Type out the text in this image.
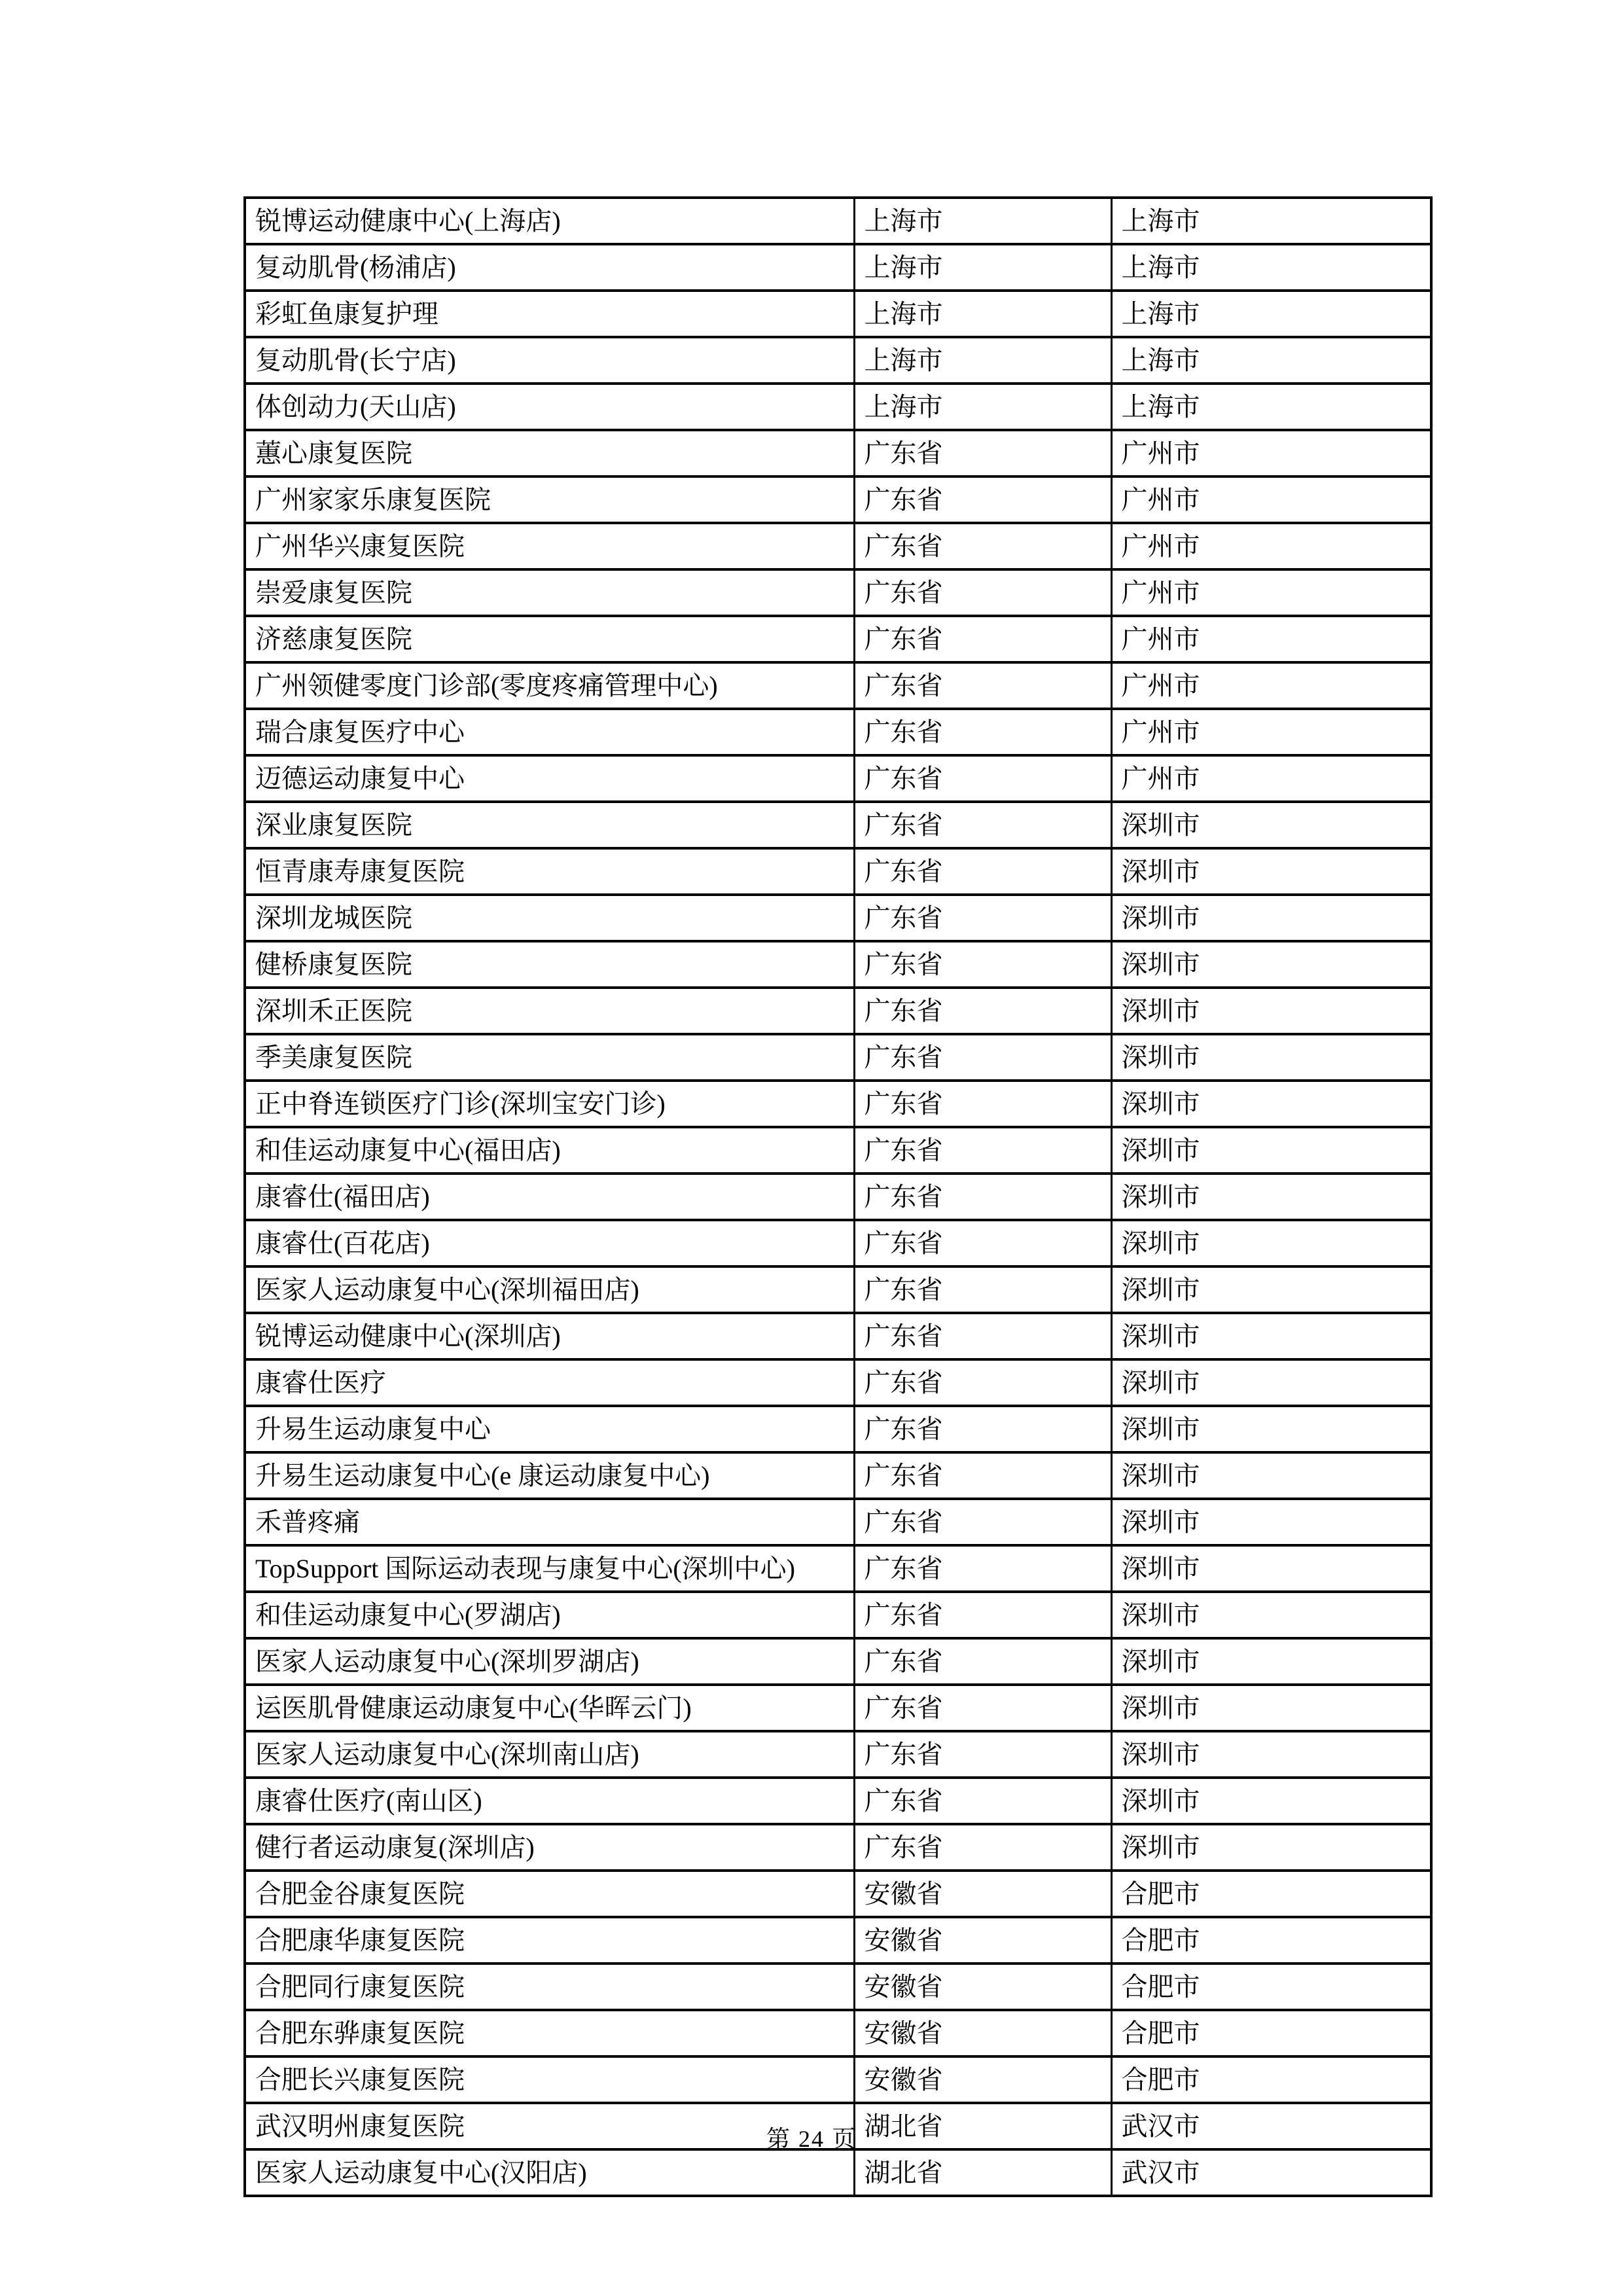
锐博运动健康中心(上海店)	上海市	上海市
复动肌骨(杨浦店)	上海市	上海市
彩虹鱼康复护理	上海市	上海市
复动肌骨(长宁店)	上海市	上海市
体创动力(天山店)	上海市	上海市
蕙心康复医院	广东省	广州市
广州家家乐康复医院	广东省	广州市
广州华兴康复医院	广东省	广州市
崇爱康复医院	广东省	广州市
济慈康复医院	广东省	广州市
广州领健零度门诊部(零度疼痛管理中心)	广东省	广州市
瑞合康复医疗中心	广东省	广州市
迈德运动康复中心	广东省	广州市
深业康复医院	广东省	深圳市
恒青康寿康复医院	广东省	深圳市
深圳龙城医院	广东省	深圳市
健桥康复医院	广东省	深圳市
深圳禾正医院	广东省	深圳市
季美康复医院	广东省	深圳市
正中脊连锁医疗门诊(深圳宝安门诊)	广东省	深圳市
和佳运动康复中心(福田店)	广东省	深圳市
康睿仕(福田店)	广东省	深圳市
康睿仕(百花店)	广东省	深圳市
医家人运动康复中心(深圳福田店)	广东省	深圳市
锐博运动健康中心(深圳店)	广东省	深圳市
康睿仕医疗	广东省	深圳市
升易生运动康复中心	广东省	深圳市
升易生运动康复中心(e 康运动康复中心)	广东省	深圳市
禾普疼痛	广东省	深圳市
TopSupport 国际运动表现与康复中心(深圳中心)	广东省	深圳市
和佳运动康复中心(罗湖店)	广东省	深圳市
医家人运动康复中心(深圳罗湖店)	广东省	深圳市
运医肌骨健康运动康复中心(华晖云门)	广东省	深圳市
医家人运动康复中心(深圳南山店)	广东省	深圳市
康睿仕医疗(南山区)	广东省	深圳市
健行者运动康复(深圳店)	广东省	深圳市
合肥金谷康复医院	安徽省	合肥市
合肥康华康复医院	安徽省	合肥市
合肥同行康复医院	安徽省	合肥市
合肥东骅康复医院	安徽省	合肥市
合肥长兴康复医院	安徽省	合肥市
武汉明州康复医院	湖北省	武汉市
医家人运动康复中心(汉阳店)	湖北省	武汉市
第 24 页
